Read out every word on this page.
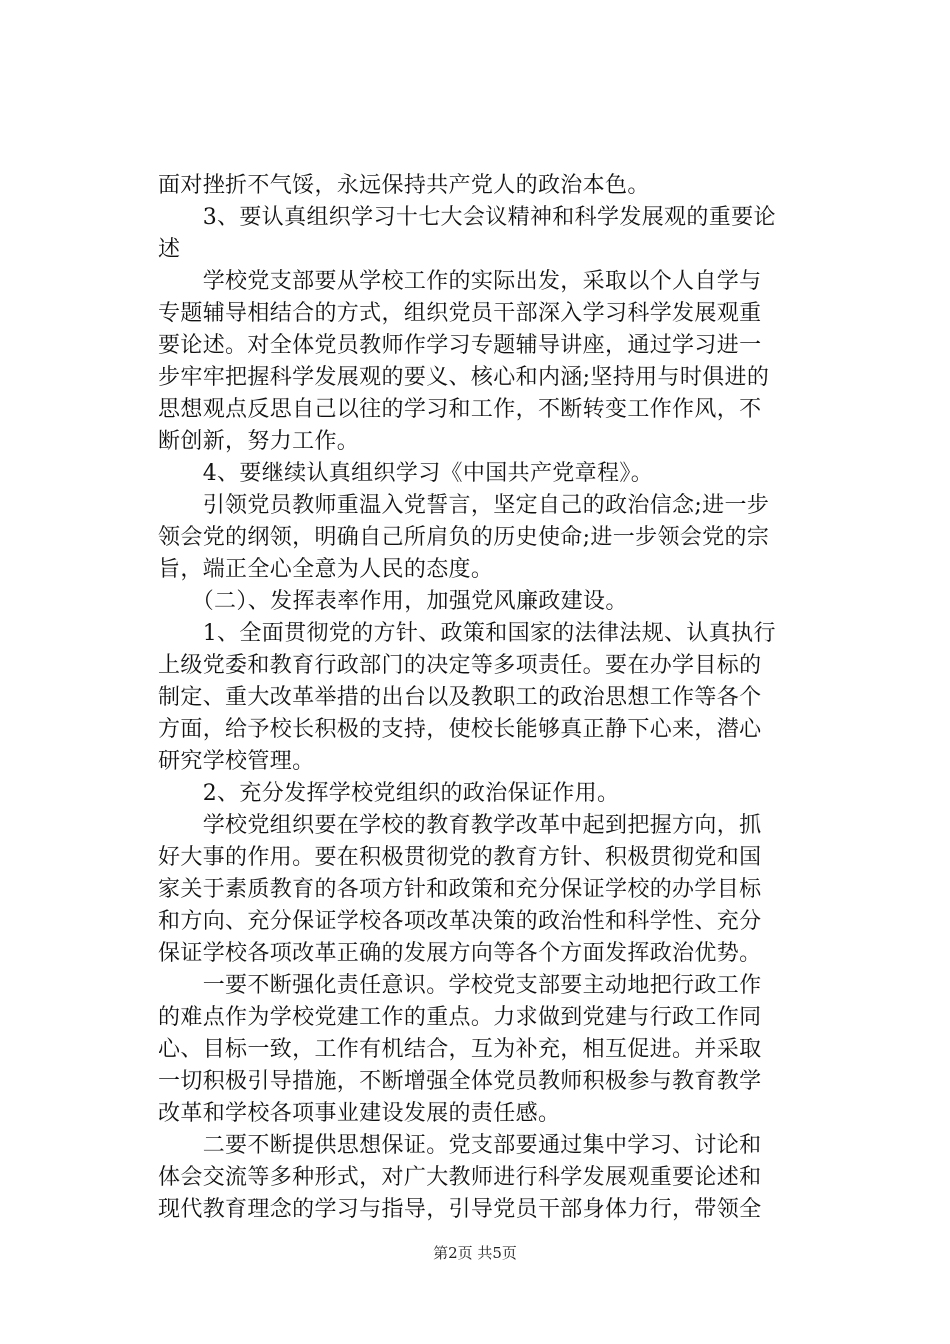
面对挫折不气馁，永远保持共产党人的政治本色。
　　3、要认真组织学习十七大会议精神和科学发展观的重要论
述
　　学校党支部要从学校工作的实际出发，采取以个人自学与
专题辅导相结合的方式，组织党员干部深入学习科学发展观重
要论述。对全体党员教师作学习专题辅导讲座，通过学习进一
步牢牢把握科学发展观的要义、核心和内涵;坚持用与时俱进的
思想观点反思自己以往的学习和工作，不断转变工作作风，不
断创新，努力工作。
　　4、要继续认真组织学习《中国共产党章程》。
　　引领党员教师重温入党誓言，坚定自己的政治信念;进一步
领会党的纲领，明确自己所肩负的历史使命;进一步领会党的宗
旨，端正全心全意为人民的态度。
　　（二）、发挥表率作用，加强党风廉政建设。
　　1、全面贯彻党的方针、政策和国家的法律法规、认真执行
上级党委和教育行政部门的决定等多项责任。要在办学目标的
制定、重大改革举措的出台以及教职工的政治思想工作等各个
方面，给予校长积极的支持，使校长能够真正静下心来，潜心
研究学校管理。
　　2、充分发挥学校党组织的政治保证作用。
　　学校党组织要在学校的教育教学改革中起到把握方向，抓
好大事的作用。要在积极贯彻党的教育方针、积极贯彻党和国
家关于素质教育的各项方针和政策和充分保证学校的办学目标
和方向、充分保证学校各项改革决策的政治性和科学性、充分
保证学校各项改革正确的发展方向等各个方面发挥政治优势。
　　一要不断强化责任意识。学校党支部要主动地把行政工作
的难点作为学校党建工作的重点。力求做到党建与行政工作同
心、目标一致，工作有机结合，互为补充，相互促进。并采取
一切积极引导措施，不断增强全体党员教师积极参与教育教学
改革和学校各项事业建设发展的责任感。
　　二要不断提供思想保证。党支部要通过集中学习、讨论和
体会交流等多种形式，对广大教师进行科学发展观重要论述和
现代教育理念的学习与指导，引导党员干部身体力行，带领全
第2页 共5页
